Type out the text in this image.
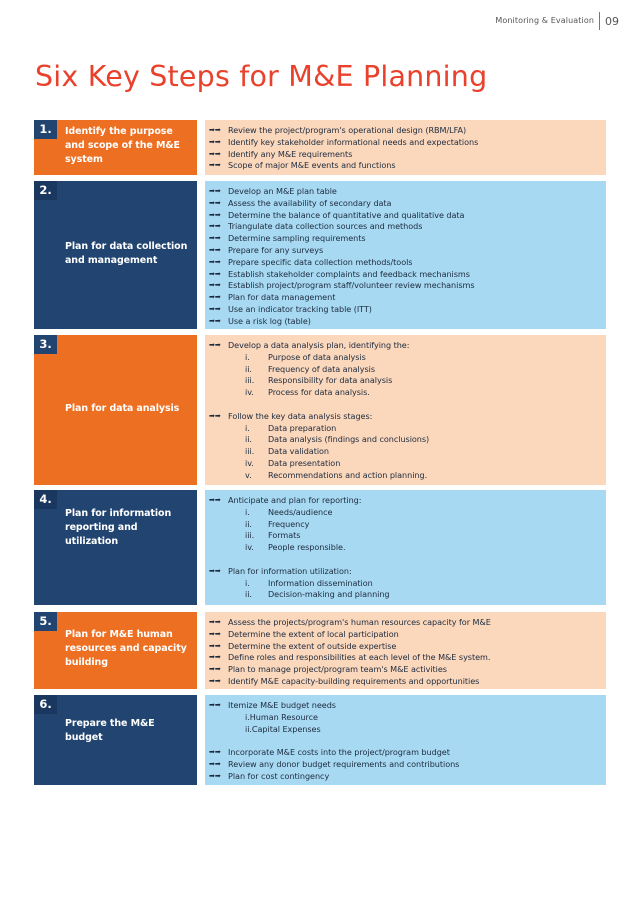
Monitoring & Evaluation 09
Six Key Steps for M&E Planning
1.	Identify the purpose
and scope of the M&E
system
➡➡ Review the project/program's operational design (RBM/LFA)
➡➡ Identify key stakeholder informational needs and expectations
➡➡ Identify any M&E requirements
➡➡ Scope of major M&E events and functions
2.
Plan for data collection
and management
➡➡ Develop an M&E plan table
➡➡ Assess the availability of secondary data
➡➡ Determine the balance of quantitative and qualitative data
➡➡ Triangulate data collection sources and methods
➡➡ Determine sampling requirements
➡➡ Prepare for any surveys
➡➡ Prepare specific data collection methods/tools
➡➡ Establish stakeholder complaints and feedback mechanisms
➡➡ Establish project/program staff/volunteer review mechanisms
➡➡ Plan for data management
➡➡ Use an indicator tracking table (ITT)
➡➡ Use a risk log (table)
3.
Plan for data analysis
➡➡ Develop a data analysis plan, identifying the:
i. Purpose of data analysis
ii. Frequency of data analysis
iii. Responsibility for data analysis
iv. Process for data analysis.
➡➡ Follow the key data analysis stages:
i. Data preparation
ii. Data analysis (findings and conclusions)
iii. Data validation
iv. Data presentation
v. Recommendations and action planning.
4.
Plan for information
reporting and utilization
➡➡ Anticipate and plan for reporting:
i. Needs/audience
ii. Frequency
iii. Formats
iv. People responsible.
➡➡ Plan for information utilization:
i. Information dissemination
ii. Decision-making and planning
5.
Plan for M&E human
resources and capacity
building
➡➡ Assess the projects/program's human resources capacity for M&E
➡➡ Determine the extent of local participation
➡➡ Determine the extent of outside expertise
➡➡ Define roles and responsibilities at each level of the M&E system.
➡➡ Plan to manage project/program team's M&E activities
➡➡ Identify M&E capacity-building requirements and opportunities
6.
Prepare the M&E
budget
➡➡ Itemize M&E budget needs
i.Human Resource
ii.Capital Expenses
➡➡ Incorporate M&E costs into the project/program budget
➡➡ Review any donor budget requirements and contributions
➡➡ Plan for cost contingency
